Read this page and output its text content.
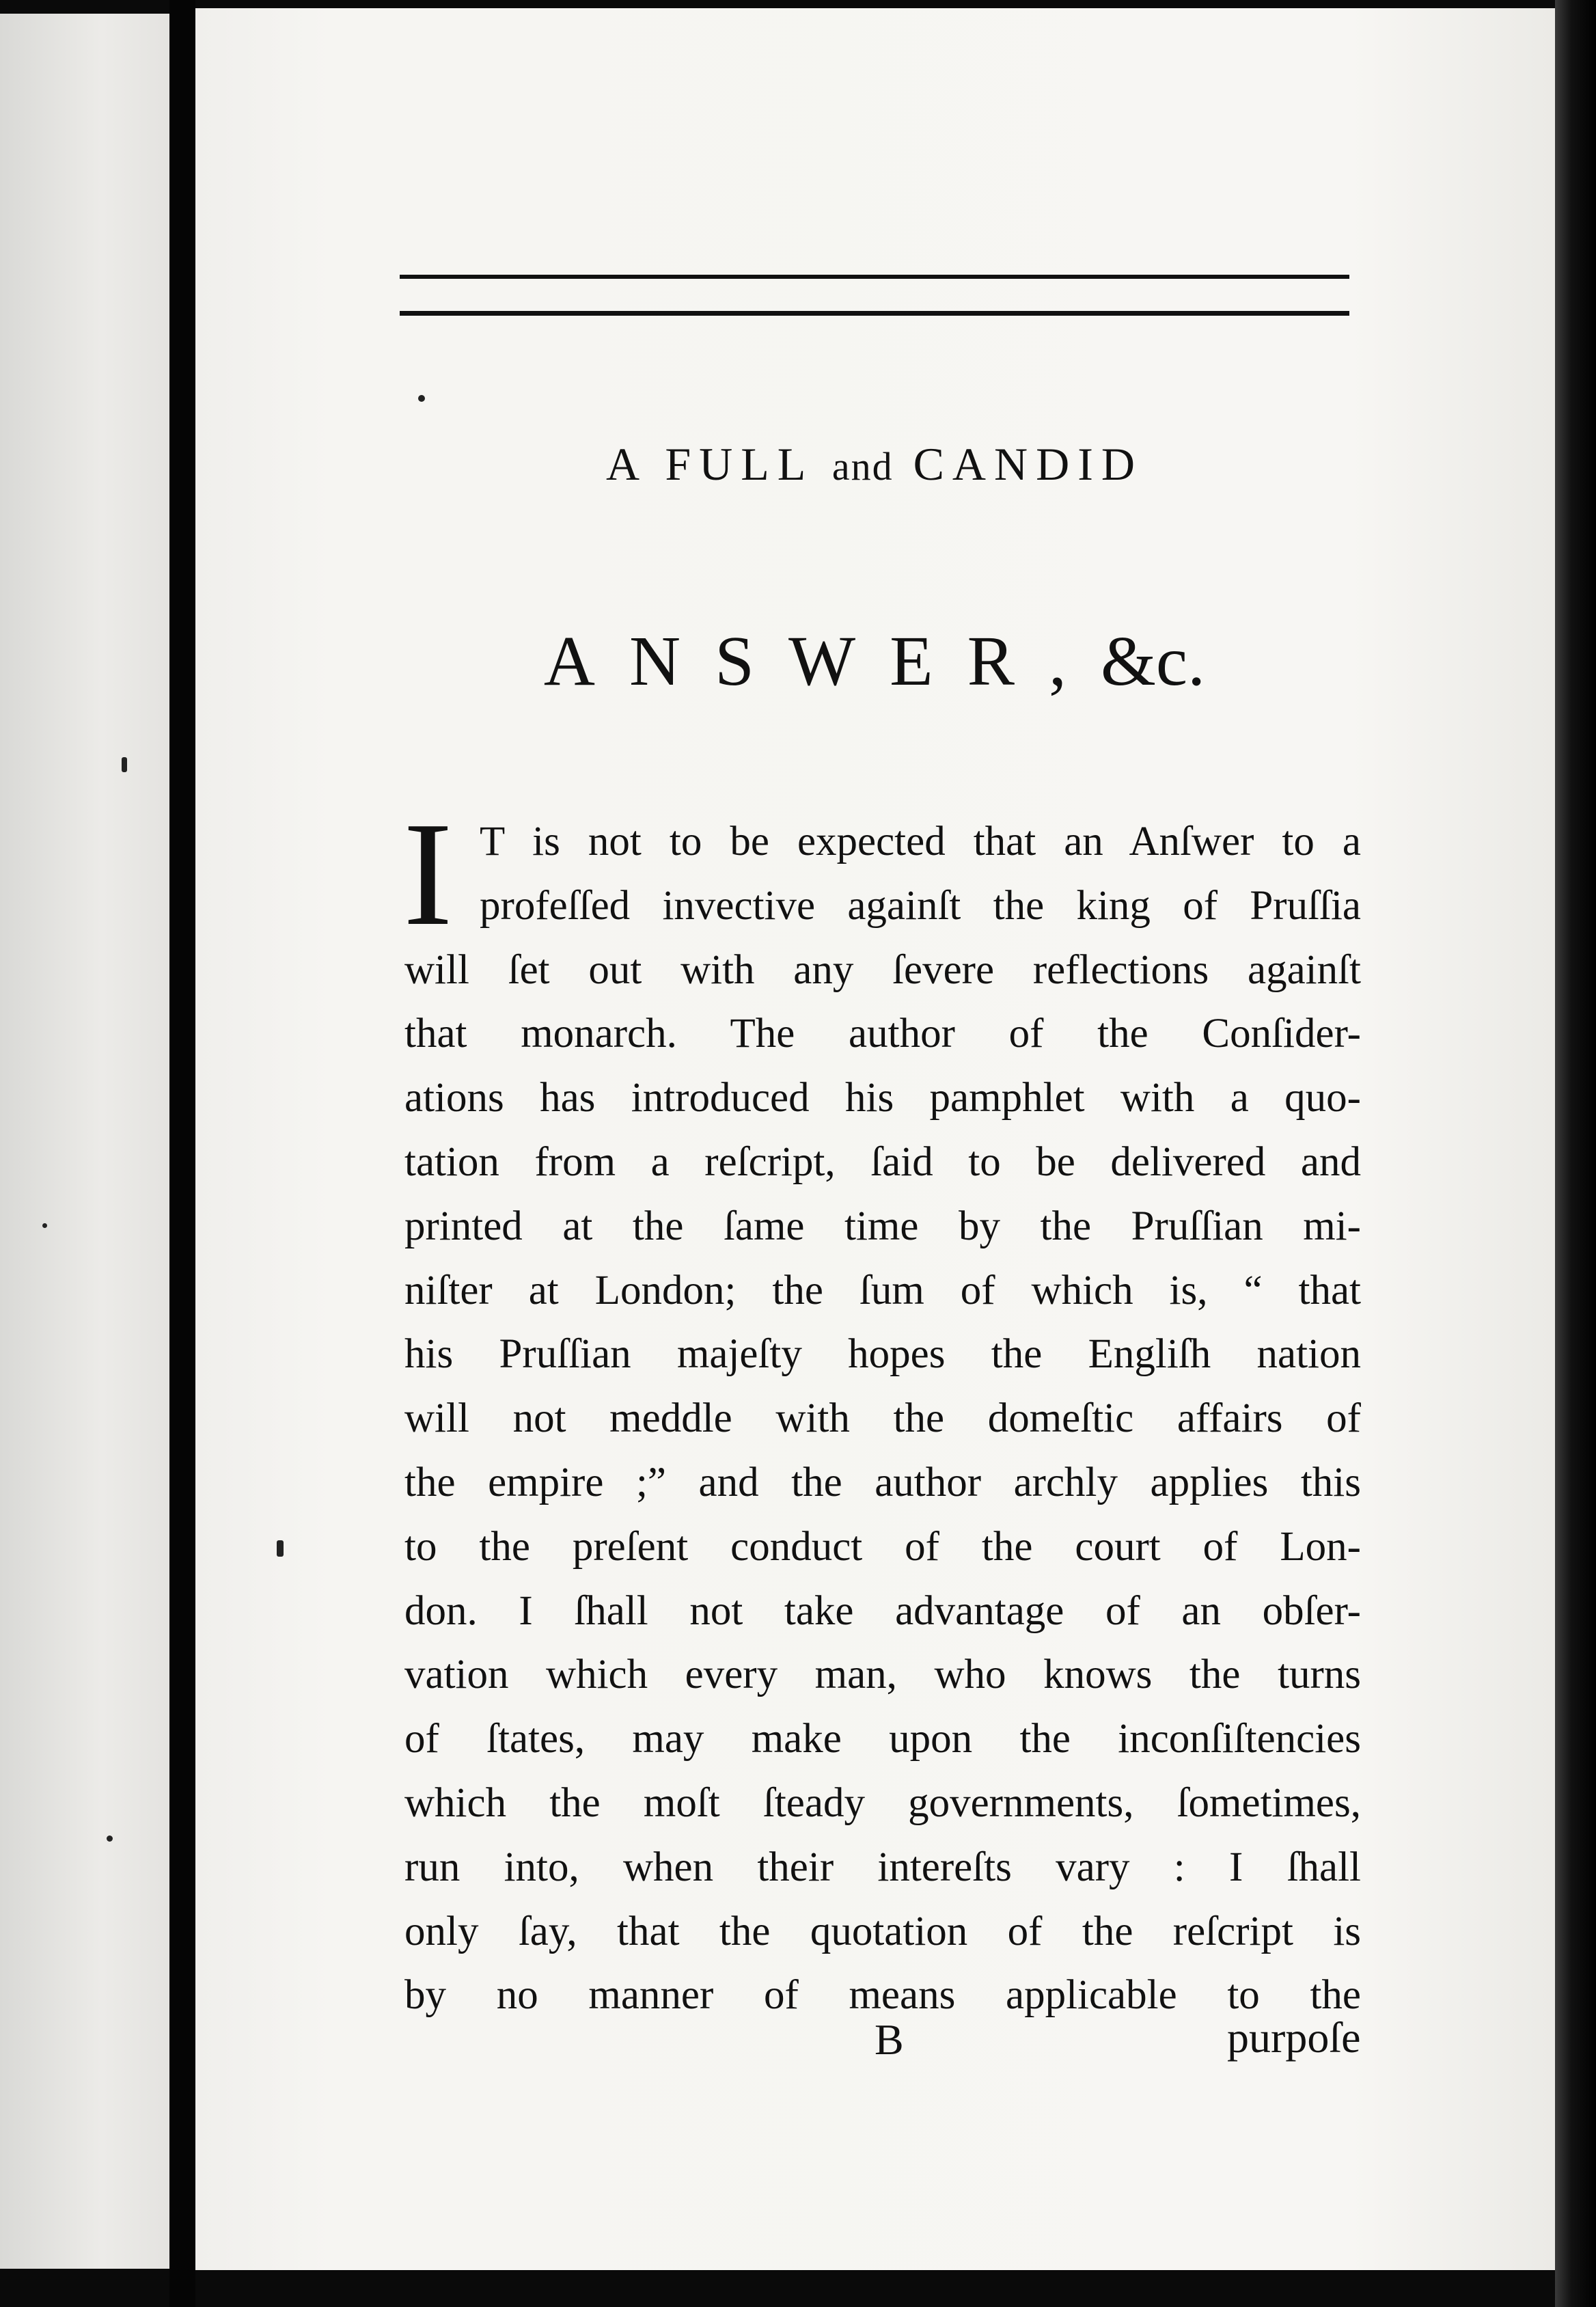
A FULL and CANDID
ANSWER,&c.
I T is not to be expected that an Anſwer to a
profeſſed invective againſt the king of Pruſſia
will ſet out with any ſevere reflections againſt
that monarch. The author of the Conſider-
ations has introduced his pamphlet with a quo-
tation from a reſcript, ſaid to be delivered and
printed at the ſame time by the Pruſſian mi-
niſter at London; the ſum of which is, “ that
his Pruſſian majeſty hopes the Engliſh nation
will not meddle with the domeſtic affairs of
the empire ;” and the author archly applies this
to the preſent conduct of the court of Lon-
don. I ſhall not take advantage of an obſer-
vation which every man, who knows the turns
of ſtates, may make upon the inconſiſtencies
which the moſt ſteady governments, ſometimes,
run into, when their intereſts vary : I ſhall
only ſay, that the quotation of the reſcript is
by no manner of means applicable to the
B	purpoſe
